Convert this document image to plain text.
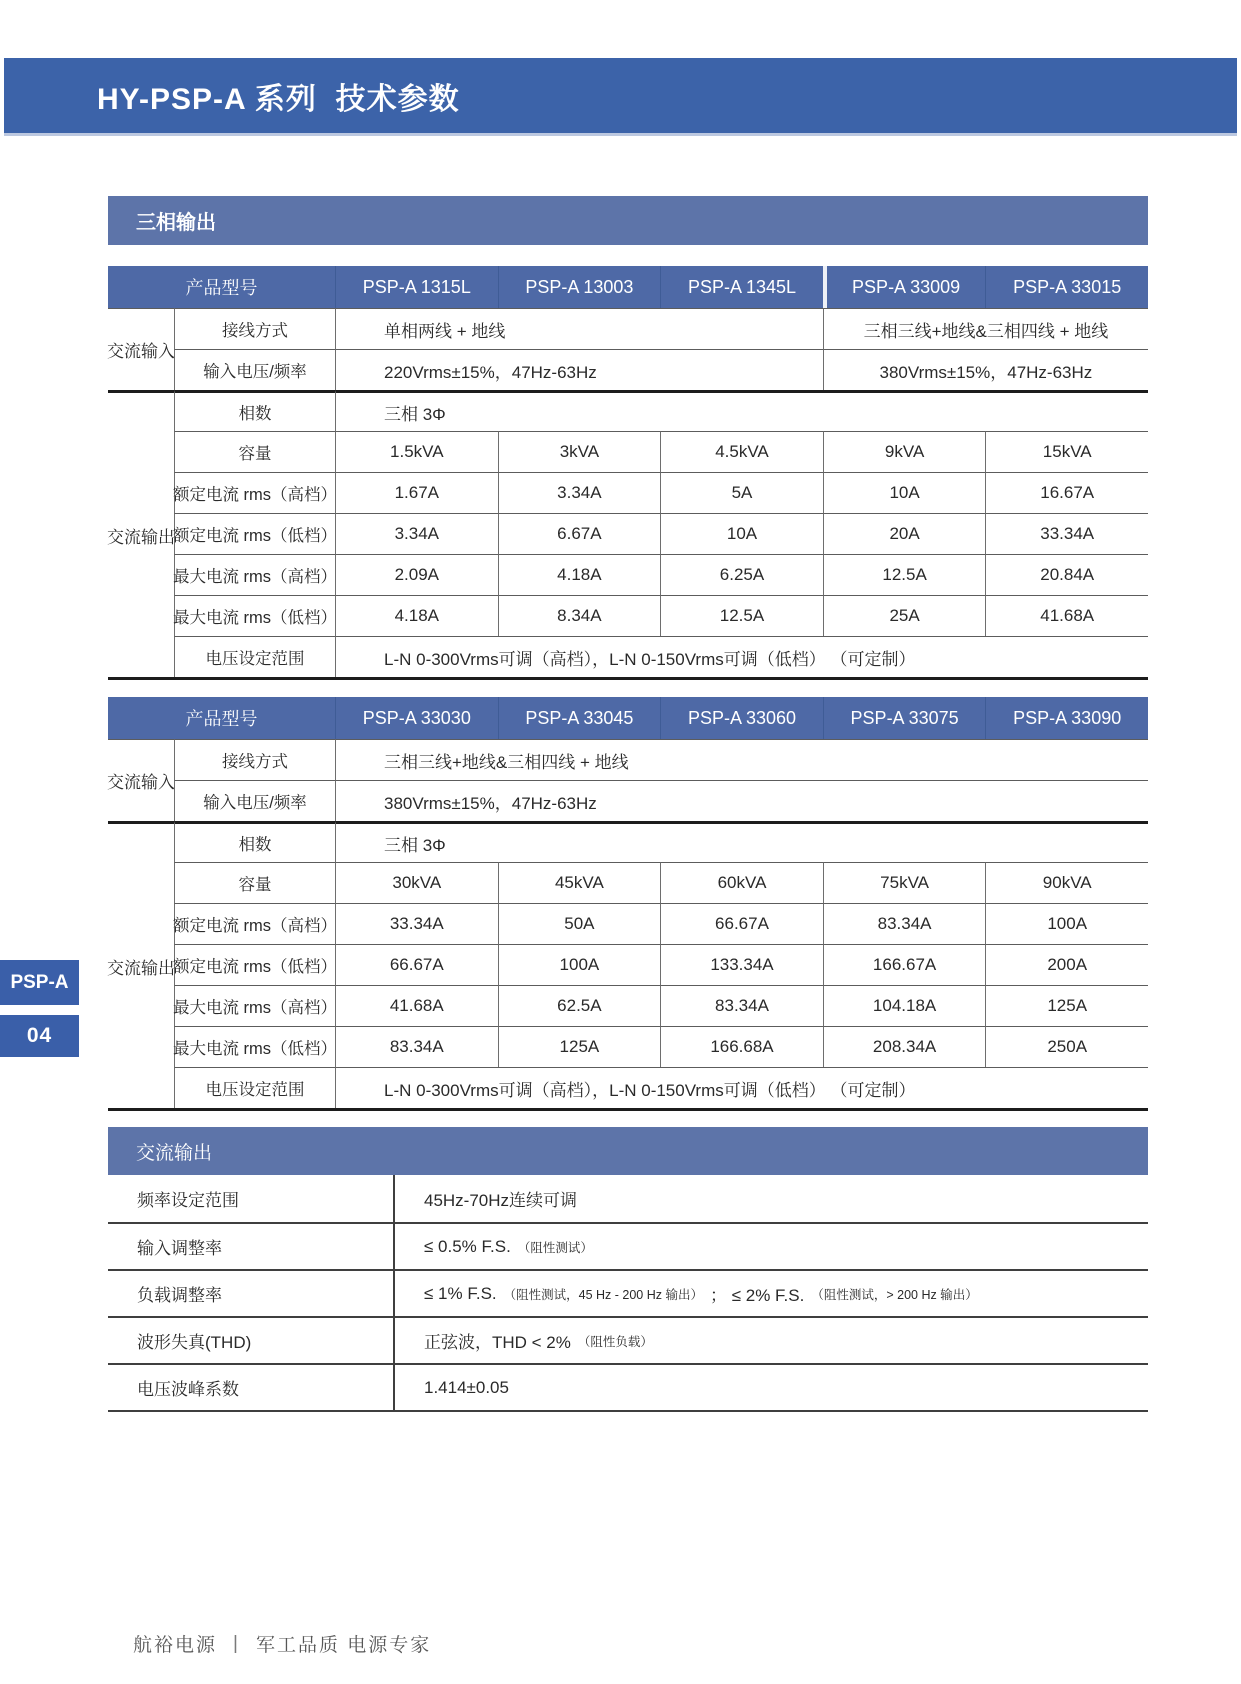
HY-PSP-A 系列  技术参数
三相输出
产品型号	PSP-A 1315L	PSP-A 13003	PSP-A 1345L	PSP-A 33009	PSP-A 33015
交流输入
接线方式	单相两线 + 地线	三相三线+地线&三相四线 + 地线
输入电压/频率	220Vrms±15%，47Hz-63Hz	380Vrms±15%，47Hz-63Hz
交流输出
相数	三相 3Φ
容量	1.5kVA	3kVA	4.5kVA	9kVA	15kVA
额定电流 rms（高档）	1.67A	3.34A	5A	10A	16.67A
额定电流 rms（低档）	3.34A	6.67A	10A	20A	33.34A
最大电流 rms（高档）	2.09A	4.18A	6.25A	12.5A	20.84A
最大电流 rms（低档）	4.18A	8.34A	12.5A	25A	41.68A
电压设定范围	L-N 0-300Vrms可调（高档），L-N 0-150Vrms可调（低档） （可定制）
产品型号	PSP-A 33030	PSP-A 33045	PSP-A 33060	PSP-A 33075	PSP-A 33090
交流输入
接线方式	三相三线+地线&三相四线 + 地线
输入电压/频率	380Vrms±15%，47Hz-63Hz
交流输出
相数	三相 3Φ
容量	30kVA	45kVA	60kVA	75kVA	90kVA
额定电流 rms（高档）	33.34A	50A	66.67A	83.34A	100A
额定电流 rms（低档）	66.67A	100A	133.34A	166.67A	200A
最大电流 rms（高档）	41.68A	62.5A	83.34A	104.18A	125A
最大电流 rms（低档）	83.34A	125A	166.68A	208.34A	250A
电压设定范围	L-N 0-300Vrms可调（高档），L-N 0-150Vrms可调（低档） （可定制）
交流输出
频率设定范围	45Hz-70Hz连续可调
输入调整率	≤ 0.5% F.S. （阻性测试）
负载调整率	≤ 1% F.S. （阻性测试，45 Hz - 200 Hz 输出） ； ≤ 2% F.S. （阻性测试，> 200 Hz 输出）
波形失真(THD)	正弦波，THD < 2% （阻性负载）
电压波峰系数	1.414±0.05
PSP-A
04
航裕电源 | 军工品质 电源专家
